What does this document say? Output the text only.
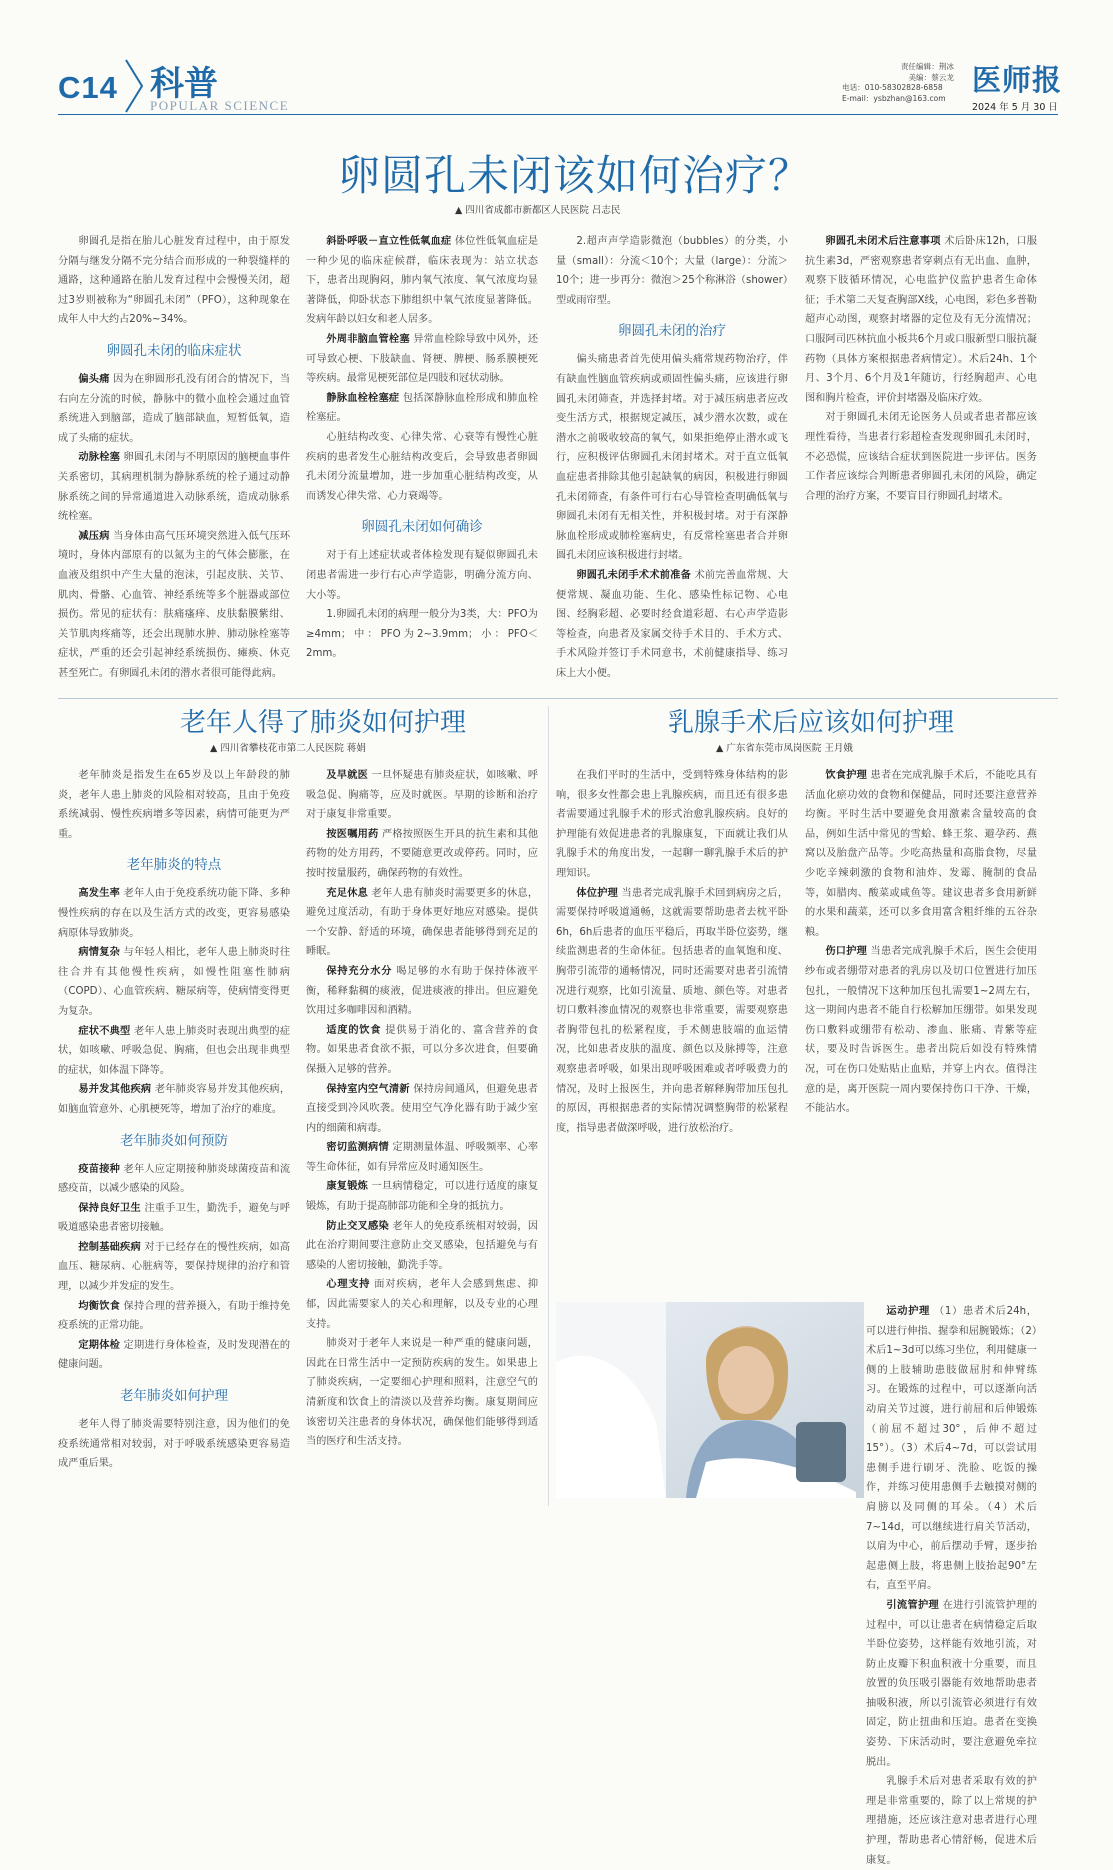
C14 科普
POPULAR SCIENCE
责任编辑：荆冰
美编：蔡云龙
电话：010-58302828-6858
E-mail：ysbzhan@163.com
医师报
2024 年 5 月 30 日
卵圆孔未闭该如何治疗？
▲ 四川省成都市新都区人民医院 吕志民

卵圆孔是指在胎儿心脏发育过程中，由于原发分隔与继发分隔不完分结合而形成的一种裂缝样的通路，这种通路在胎儿发育过程中会慢慢关闭，超过3岁则被称为“卵圆孔未闭”（PFO），这种现象在成年人中大约占20%~34%。

卵圆孔未闭的临床症状

偏头痛 因为在卵圆形孔没有闭合的情况下，当右向左分流的时候，静脉中的微小血栓会通过血管系统进入到脑部，造成了脑部缺血，短暂低氧，造成了头痛的症状。

动脉栓塞 卵圆孔未闭与不明原因的脑梗血事件关系密切，其病理机制为静脉系统的栓子通过动静脉系统之间的异常通道进入动脉系统，造成动脉系统栓塞。

减压病 当身体由高气压环境突然进入低气压环境时，身体内部原有的以氮为主的气体会膨胀，在血液及组织中产生大量的泡沫，引起皮肤、关节、肌肉、骨骼、心血管、神经系统等多个脏器或部位损伤。常见的症状有：肤痛瘙痒、皮肤黏膜紫绀、关节肌肉疼痛等，还会出现肺水肿、肺动脉栓塞等症状，严重的还会引起神经系统损伤、瘫痪、休克甚至死亡。有卵圆孔未闭的潜水者很可能得此病。

斜卧呼吸－直立性低氧血症 体位性低氧血症是一种少见的临床症候群，临床表现为：站立状态下，患者出现胸闷，肺内氧气浓度、氧气浓度均显著降低，仰卧状态下肺组织中氧气浓度显著降低。发病年龄以妇女和老人居多。

外周非脑血管栓塞 异常血栓除导致中风外，还可导致心梗、下肢缺血、肾梗、脾梗、肠系膜梗死等疾病。最常见梗死部位是四肢和冠状动脉。

静脉血栓栓塞症 包括深静脉血栓形成和肺血栓栓塞症。

心脏结构改变、心律失常、心衰等有慢性心脏疾病的患者发生心脏结构改变后，会导致患者卵圆孔未闭分流量增加，进一步加重心脏结构改变，从而诱发心律失常、心力衰竭等。

卵圆孔未闭如何确诊

对于有上述症状或者体检发现有疑似卵圆孔未闭患者需进一步行右心声学造影，明确分流方向、大小等。

1.卵圆孔未闭的病理一般分为3类，大：PFO为≥4mm；中：PFO为2~3.9mm；小：PFO＜2mm。

2.超声声学造影微泡（bubbles）的分类，小量（small）：分流＜10个；大量（large）：分流＞10个；进一步再分：微泡＞25个称淋浴（shower）型或雨帘型。

卵圆孔未闭的治疗

偏头痛患者首先使用偏头痛常规药物治疗，伴有缺血性脑血管疾病或顽固性偏头痛，应该进行卵圆孔未闭筛查，并选择封堵。对于减压病患者应改变生活方式，根据规定减压，减少潜水次数，或在潜水之前吸收较高的氧气，如果拒绝停止潜水或飞行，应积极评估卵圆孔未闭封堵术。对于直立低氧血症患者排除其他引起缺氧的病因，积极进行卵圆孔未闭筛查，有条件可行右心导管检查明确低氧与卵圆孔未闭有无相关性，并积极封堵。对于有深静脉血栓形成或肺栓塞病史，有反常栓塞患者合并卵圆孔未闭应该积极进行封堵。

卵圆孔未闭手术术前准备 术前完善血常规、大便常规、凝血功能、生化、感染性标记物、心电图、经胸彩超、必要时经食道彩超、右心声学造影等检查，向患者及家属交待手术目的、手术方式、手术风险并签订手术同意书，术前健康指导、练习床上大小便。

卵圆孔未闭术后注意事项 术后卧床12h，口服抗生素3d，严密观察患者穿刺点有无出血、血肿，观察下肢循环情况，心电监护仪监护患者生命体征；手术第二天复查胸部X线，心电图，彩色多普勒超声心动图，观察封堵器的定位及有无分流情况；口服阿司匹林抗血小板共6个月或口服新型口服抗凝药物（具体方案根据患者病情定）。术后24h、1个月、3个月、6个月及1年随访，行经胸超声、心电图和胸片检查，评价封堵器及临床疗效。

对于卵圆孔未闭无论医务人员或者患者都应该理性看待，当患者行彩超检查发现卵圆孔未闭时，不必恐慌，应该结合症状到医院进一步评估。医务工作者应该综合判断患者卵圆孔未闭的风险，确定合理的治疗方案，不要盲目行卵圆孔封堵术。

老年人得了肺炎如何护理
▲ 四川省攀枝花市第二人民医院 蒋娟

老年肺炎是指发生在65岁及以上年龄段的肺炎，老年人患上肺炎的风险相对较高，且由于免疫系统减弱、慢性疾病增多等因素，病情可能更为严重。

老年肺炎的特点

高发生率 老年人由于免疫系统功能下降、多种慢性疾病的存在以及生活方式的改变，更容易感染病原体导致肺炎。

病情复杂 与年轻人相比，老年人患上肺炎时往往合并有其他慢性疾病，如慢性阻塞性肺病（COPD）、心血管疾病、糖尿病等，使病情变得更为复杂。

症状不典型 老年人患上肺炎时表现出典型的症状，如咳嗽、呼吸急促、胸痛，但也会出现非典型的症状，如体温下降等。

易并发其他疾病 老年肺炎容易并发其他疾病，如脑血管意外、心肌梗死等，增加了治疗的难度。

老年肺炎如何预防

疫苗接种 老年人应定期接种肺炎球菌疫苗和流感疫苗，以减少感染的风险。

保持良好卫生 注重手卫生，勤洗手，避免与呼吸道感染患者密切接触。

控制基础疾病 对于已经存在的慢性疾病，如高血压、糖尿病、心脏病等，要保持规律的治疗和管理，以减少并发症的发生。

均衡饮食 保持合理的营养摄入，有助于维持免疫系统的正常功能。

定期体检 定期进行身体检查，及时发现潜在的健康问题。

老年肺炎如何护理

老年人得了肺炎需要特别注意，因为他们的免疫系统通常相对较弱，对于呼吸系统感染更容易造成严重后果。

及早就医 一旦怀疑患有肺炎症状，如咳嗽、呼吸急促、胸痛等，应及时就医。早期的诊断和治疗对于康复非常重要。

按医嘱用药 严格按照医生开具的抗生素和其他药物的处方用药，不要随意更改或停药。同时，应按时按量服药，确保药物的有效性。

充足休息 老年人患有肺炎时需要更多的休息，避免过度活动，有助于身体更好地应对感染。提供一个安静、舒适的环境，确保患者能够得到充足的睡眠。

保持充分水分 喝足够的水有助于保持体液平衡，稀释黏稠的痰液，促进痰液的排出。但应避免饮用过多咖啡因和酒精。

适度的饮食 提供易于消化的、富含营养的食物。如果患者食欲不振，可以分多次进食，但要确保摄入足够的营养。

保持室内空气清新 保持房间通风，但避免患者直接受到冷风吹袭。使用空气净化器有助于减少室内的细菌和病毒。

密切监测病情 定期测量体温、呼吸频率、心率等生命体征，如有异常应及时通知医生。

康复锻炼 一旦病情稳定，可以进行适度的康复锻炼，有助于提高肺部功能和全身的抵抗力。

防止交叉感染 老年人的免疫系统相对较弱，因此在治疗期间要注意防止交叉感染，包括避免与有感染的人密切接触，勤洗手等。

心理支持 面对疾病，老年人会感到焦虑、抑郁，因此需要家人的关心和理解，以及专业的心理支持。

肺炎对于老年人来说是一种严重的健康问题，因此在日常生活中一定预防疾病的发生。如果患上了肺炎疾病，一定要细心护理和照料，注意空气的清新度和饮食上的清淡以及营养均衡。康复期间应该密切关注患者的身体状况，确保他们能够得到适当的医疗和生活支持。

乳腺手术后应该如何护理
▲ 广东省东莞市凤岗医院 王月娥

在我们平时的生活中，受到特殊身体结构的影响，很多女性都会患上乳腺疾病，而且还有很多患者需要通过乳腺手术的形式治愈乳腺疾病。良好的护理能有效促进患者的乳腺康复，下面就让我们从乳腺手术的角度出发，一起聊一聊乳腺手术后的护理知识。

体位护理 当患者完成乳腺手术回到病房之后，需要保持呼吸道通畅，这就需要帮助患者去枕平卧6h，6h后患者的血压平稳后，再取半卧位姿势，继续监测患者的生命体征。包括患者的血氧饱和度、胸带引流带的通畅情况，同时还需要对患者引流情况进行观察，比如引流量、质地、颜色等。对患者切口敷料渗血情况的观察也非常重要，需要观察患者胸带包扎的松紧程度，手术侧患肢端的血运情况，比如患者皮肤的温度、颜色以及脉搏等，注意观察患者呼吸，如果出现呼吸困难或者呼吸费力的情况，及时上报医生，并向患者解释胸带加压包扎的原因，再根据患者的实际情况调整胸带的松紧程度，指导患者做深呼吸，进行放松治疗。

饮食护理 患者在完成乳腺手术后，不能吃具有活血化瘀功效的食物和保健品，同时还要注意营养均衡。平时生活中要避免食用激素含量较高的食品，例如生活中常见的雪蛤、蜂王浆、避孕药、燕窝以及胎盘产品等。少吃高热量和高脂食物，尽量少吃辛辣刺激的食物和油炸、发霉、腌制的食品等，如腊肉、酸菜或咸鱼等。建议患者多食用新鲜的水果和蔬菜，还可以多食用富含粗纤维的五谷杂粮。

伤口护理 当患者完成乳腺手术后，医生会使用纱布或者绷带对患者的乳房以及切口位置进行加压包扎，一般情况下这种加压包扎需要1~2周左右，这一期间内患者不能自行松解加压绷带。如果发现伤口敷料或绷带有松动、渗血、胀痛、青紫等症状，要及时告诉医生。患者出院后如没有特殊情况，可在伤口处贴贴止血贴，并穿上内衣。值得注意的是，离开医院一周内要保持伤口干净、干燥，不能沾水。

运动护理 （1）患者术后24h，可以进行伸指、握拳和屈腕锻炼；（2）术后1~3d可以练习坐位，利用健康一侧的上肢辅助患肢做屈肘和伸臂练习。在锻炼的过程中，可以逐渐向活动肩关节过渡，进行前屈和后伸锻炼（前屈不超过30°，后伸不超过15°）。（3）术后4~7d，可以尝试用患侧手进行刷牙、洗脸、吃饭的操作，并练习使用患侧手去触摸对侧的肩膀以及同侧的耳朵。（4）术后7~14d，可以继续进行肩关节活动，以肩为中心，前后摆动手臂，逐步抬起患侧上肢，将患侧上肢抬起90°左右，直至平肩。

引流管护理 在进行引流管护理的过程中，可以让患者在病情稳定后取半卧位姿势，这样能有效地引流，对防止皮瓣下积血积液十分重要，而且放置的负压吸引器能有效地帮助患者抽吸积液，所以引流管必须进行有效固定，防止扭曲和压迫。患者在变换姿势、下床活动时，要注意避免牵拉脱出。

乳腺手术后对患者采取有效的护理是非常重要的，除了以上常规的护理措施，还应该注意对患者进行心理护理，帮助患者心情舒畅，促进术后康复。
